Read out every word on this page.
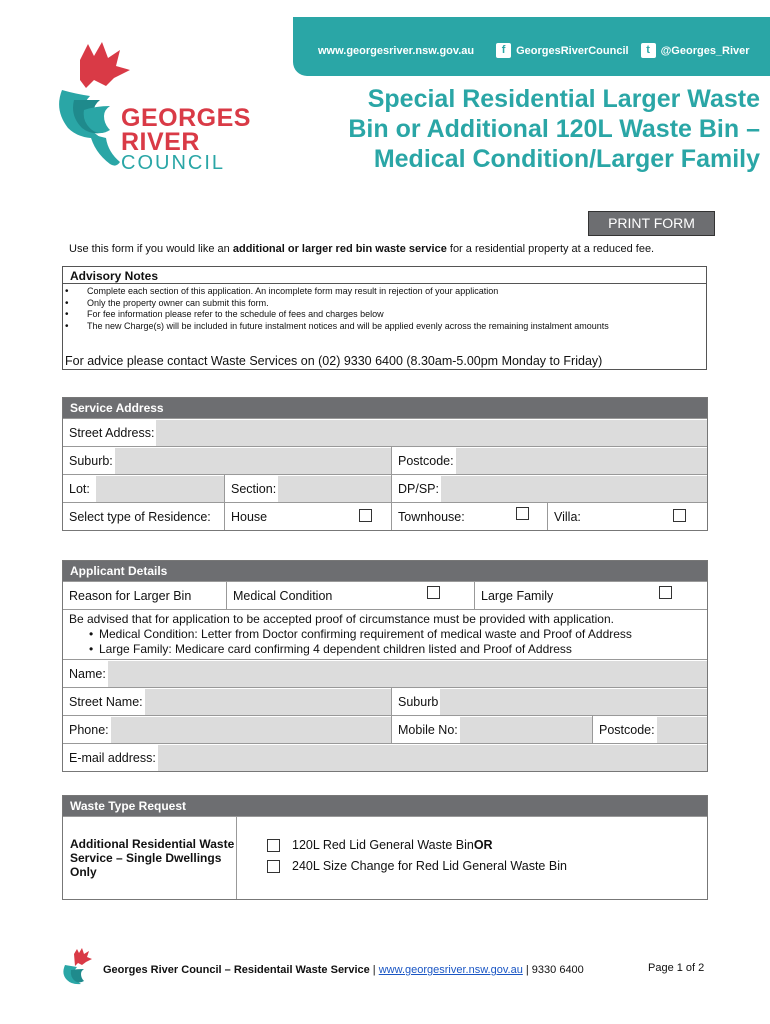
www.georgesriver.nsw.gov.au	f GeorgesRiverCouncil	t @Georges_River
GEORGES
RIVER
COUNCIL
Special Residential Larger Waste
Bin or Additional 120L Waste Bin –
Medical Condition/Larger Family
PRINT FORM
Use this form if you would like an additional or larger red bin waste service for a residential property at a reduced fee.
Advisory Notes
• Complete each section of this application. An incomplete form may result in rejection of your application
• Only the property owner can submit this form.
• For fee information please refer to the schedule of fees and charges below
• The new Charge(s) will be included in future instalment notices and will be applied evenly across the remaining instalment amounts
For advice please contact Waste Services on (02) 9330 6400 (8.30am-5.00pm Monday to Friday)
Service Address
Street Address:
Suburb:	Postcode:
Lot:	Section:	DP/SP:
Select type of Residence: House	Townhouse:	Villa:
Applicant Details
Reason for Larger Bin	Medical Condition	Large Family
Be advised that for application to be accepted proof of circumstance must be provided with application.
• Medical Condition: Letter from Doctor confirming requirement of medical waste and Proof of Address
• Large Family: Medicare card confirming 4 dependent children listed and Proof of Address
Name:
Street Name:	Suburb
Phone:	Mobile No:	Postcode:
E-mail address:
Waste Type Request
Additional Residential Waste Service – Single Dwellings Only
120L Red Lid General Waste Bin OR
240L Size Change for Red Lid General Waste Bin
Georges River Council – Residentail Waste Service | www.georgesriver.nsw.gov.au | 9330 6400	Page 1 of 2
